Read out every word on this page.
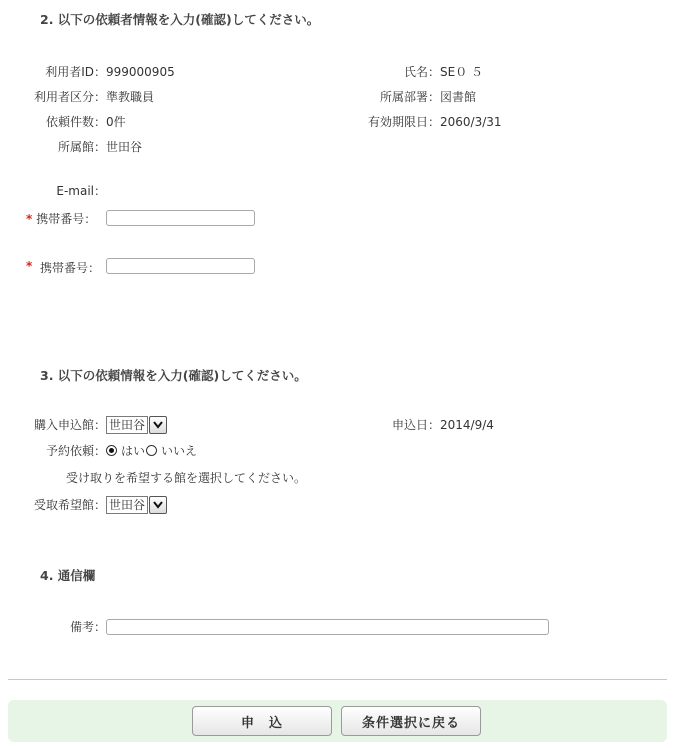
2. 以下の依頼者情報を入力(確認)してください。
利用者ID： 999000905	氏名： SE０ ５
利用者区分： 準教職員	所属部署： 図書館
依頼件数： 0件	有効期限日： 2060/3/31
所属館： 世田谷
E-mail：
* 携帯番号：
* 携帯番号：
3. 以下の依頼情報を入力(確認)してください。
購入申込館： 世田谷	申込日： 2014/9/4
予約依頼：	はい いいえ
受け取りを希望する館を選択してください。
受取希望館： 世田谷
4. 通信欄
備考：
申　込	条件選択に戻る
